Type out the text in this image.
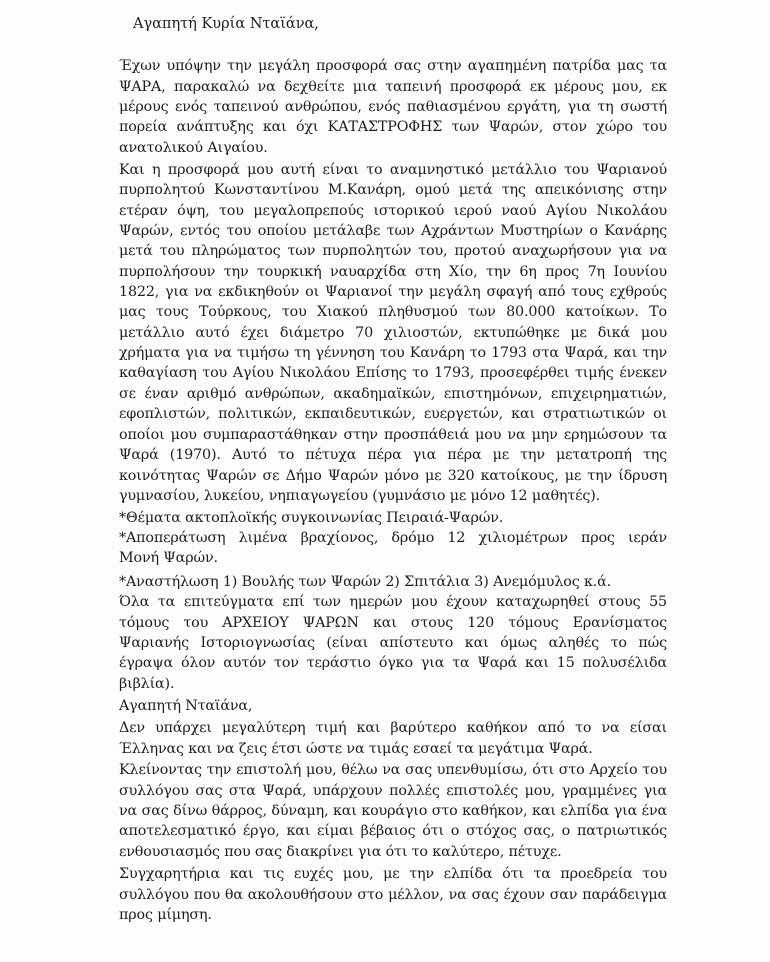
Αγαπητή Κυρία Νταϊάνα,
Έχων υπόψην την μεγάλη προσφορά σας στην αγαπημένη πατρίδα μας τα
ΨΑΡΑ, παρακαλώ να δεχθείτε μια ταπεινή προσφορά εκ μέρους μου, εκ
μέρους ενός ταπεινού ανθρώπου, ενός παθιασμένου εργάτη, για τη σωστή
πορεία ανάπτυξης και όχι ΚΑΤΑΣΤΡΟΦΗΣ των Ψαρών, στον χώρο του
ανατολικού Αιγαίου.
Και η προσφορά μου αυτή είναι το αναμνηστικό μετάλλιο του Ψαριανού
πυρπολητού Κωνσταντίνου Μ.Κανάρη, ομού μετά της απεικόνισης στην
ετέραν όψη, του μεγαλοπρεπούς ιστορικού ιερού ναού Αγίου Νικολάου
Ψαρών, εντός του οποίου μετάλαβε των Αχράντων Μυστηρίων ο Κανάρης
μετά του πληρώματος των πυρπολητών του, προτού αναχωρήσουν για να
πυρπολήσουν την τουρκική ναυαρχίδα στη Χίο, την 6η προς 7η Ιουνίου
1822, για να εκδικηθούν οι Ψαριανοί την μεγάλη σφαγή από τους εχθρούς
μας τους Τούρκους, του Χιακού πληθυσμού των 80.000 κατοίκων. Το
μετάλλιο αυτό έχει διάμετρο 70 χιλιοστών, εκτυπώθηκε με δικά μου
χρήματα για να τιμήσω τη γέννηση του Κανάρη το 1793 στα Ψαρά, και την
καθαγίαση του Αγίου Νικολάου Επίσης το 1793, προσεφέρθει τιμής ένεκεν
σε έναν αριθμό ανθρώπων, ακαδημαϊκών, επιστημόνων, επιχειρηματιών,
εφοπλιστών, πολιτικών, εκπαιδευτικών, ευεργετών, και στρατιωτικών οι
οποίοι μου συμπαραστάθηκαν στην προσπάθειά μου να μην ερημώσουν τα
Ψαρά (1970). Αυτό το πέτυχα πέρα για πέρα με την μετατροπή της
κοινότητας Ψαρών σε Δήμο Ψαρών μόνο με 320 κατοίκους, με την ίδρυση
γυμνασίου, λυκείου, νηπιαγωγείου (γυμνάσιο με μόνο 12 μαθητές).
*Θέματα ακτοπλοϊκής συγκοινωνίας Πειραιά-Ψαρών.
*Αποπεράτωση λιμένα βραχίονος, δρόμο 12 χιλιομέτρων προς ιεράν
Μονή Ψαρών.
*Αναστήλωση 1) Βουλής των Ψαρών 2) Σπιτάλια 3) Ανεμόμυλος κ.ά.
Όλα τα επιτεύγματα επί των ημερών μου έχουν καταχωρηθεί στους 55
τόμους του ΑΡΧΕΙΟΥ ΨΑΡΩΝ και στους 120 τόμους Ερανίσματος
Ψαριανής Ιστοριογνωσίας (είναι απίστευτο και όμως αληθές το πώς
έγραψα όλον αυτόν τον τεράστιο όγκο για τα Ψαρά και 15 πολυσέλιδα
βιβλία).
Αγαπητή Νταϊάνα,
Δεν υπάρχει μεγαλύτερη τιμή και βαρύτερο καθήκον από το να είσαι
Έλληνας και να ζεις έτσι ώστε να τιμάς εσαεί τα μεγάτιμα Ψαρά.
Κλείνοντας την επιστολή μου, θέλω να σας υπενθυμίσω, ότι στο Αρχείο του
συλλόγου σας στα Ψαρά, υπάρχουν πολλές επιστολές μου, γραμμένες για
να σας δίνω θάρρος, δύναμη, και κουράγιο στο καθήκον, και ελπίδα για ένα
αποτελεσματικό έργο, και είμαι βέβαιος ότι ο στόχος σας, ο πατριωτικός
ενθουσιασμός που σας διακρίνει για ότι το καλύτερο, πέτυχε.
Συγχαρητήρια και τις ευχές μου, με την ελπίδα ότι τα προεδρεία του
συλλόγου που θα ακολουθήσουν στο μέλλον, να σας έχουν σαν παράδειγμα
προς μίμηση.
